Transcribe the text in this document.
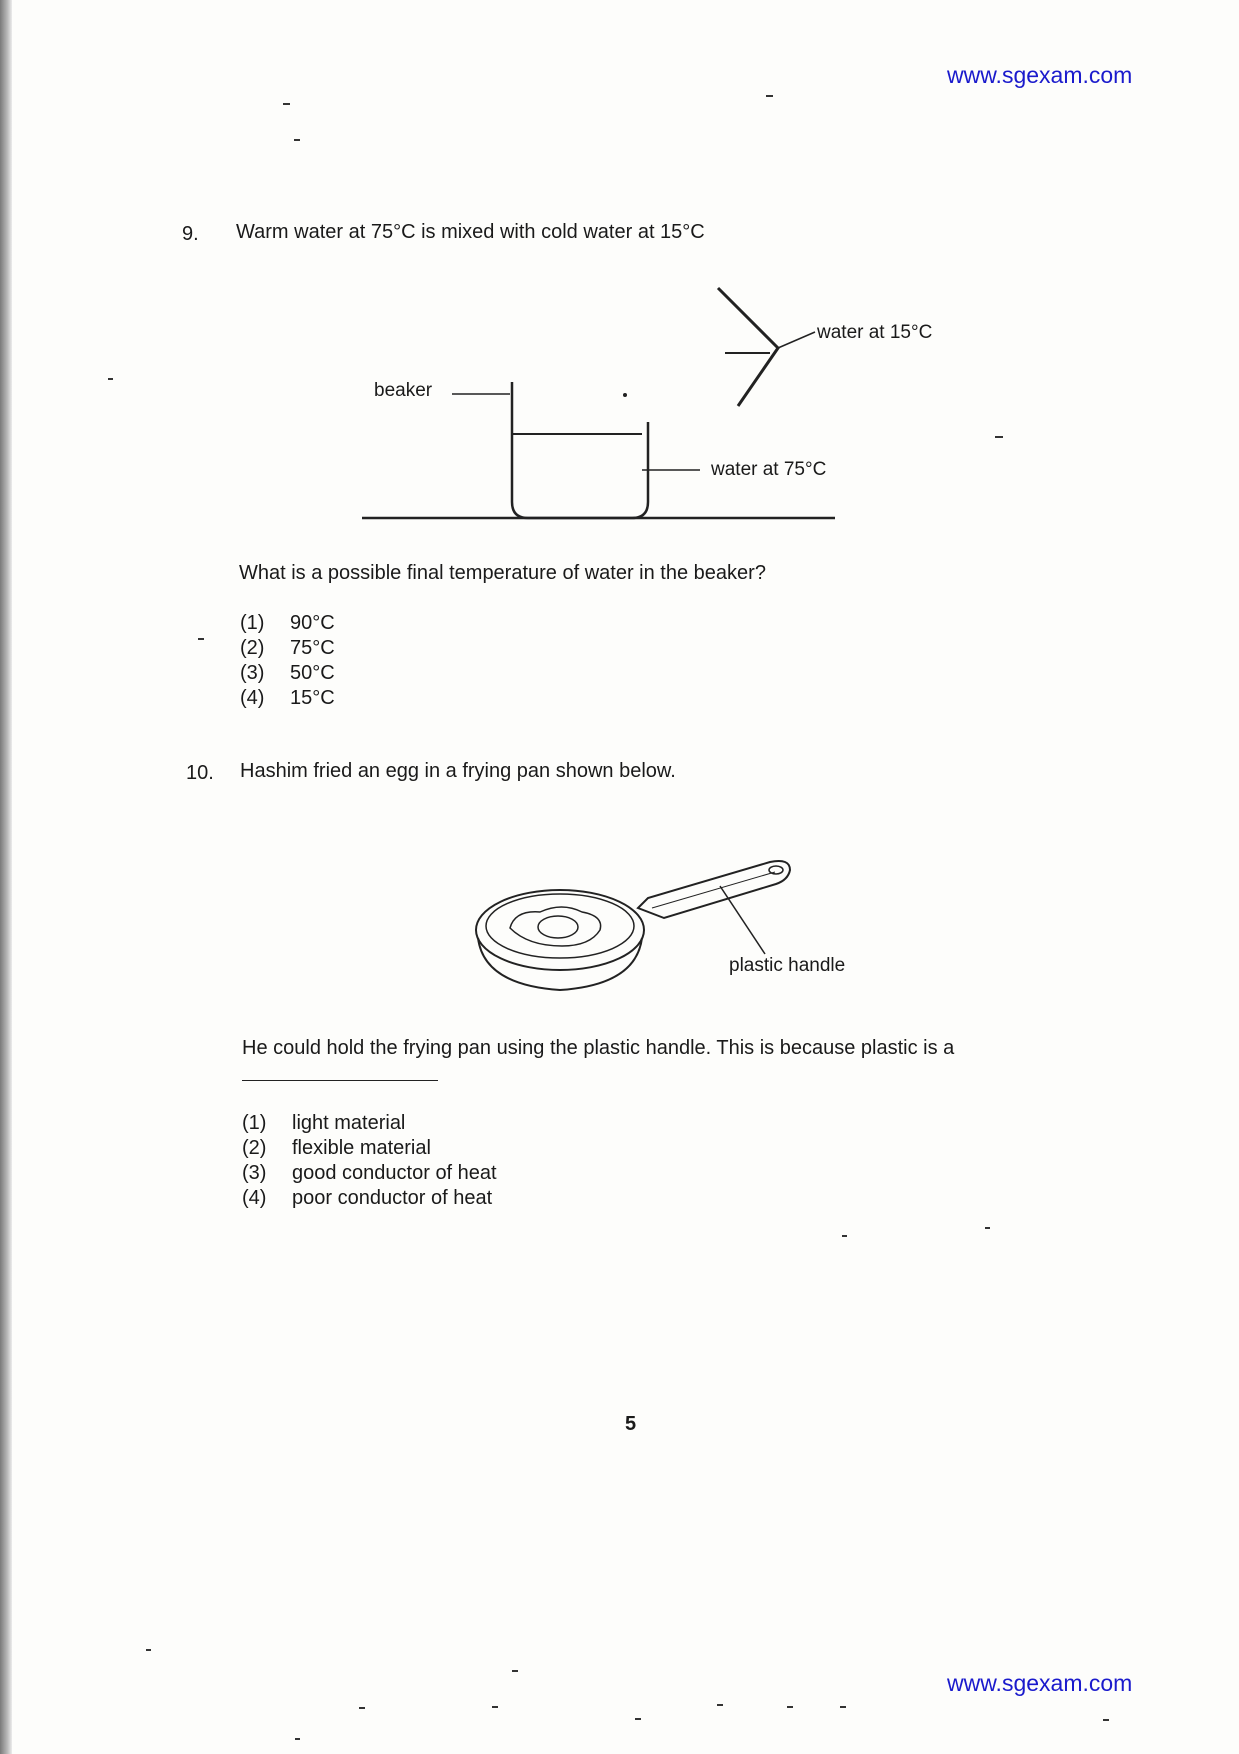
www.sgexam.com
9. Warm water at 75°C is mixed with cold water at 15°C
beaker
water at 15°C
water at 75°C
What is a possible final temperature of water in the beaker?
(1) 90°C
(2) 75°C
(3) 50°C
(4) 15°C
10. Hashim fried an egg in a frying pan shown below.
plastic handle
He could hold the frying pan using the plastic handle. This is because plastic is a
(1) light material
(2) flexible material
(3) good conductor of heat
(4) poor conductor of heat
5
www.sgexam.com
